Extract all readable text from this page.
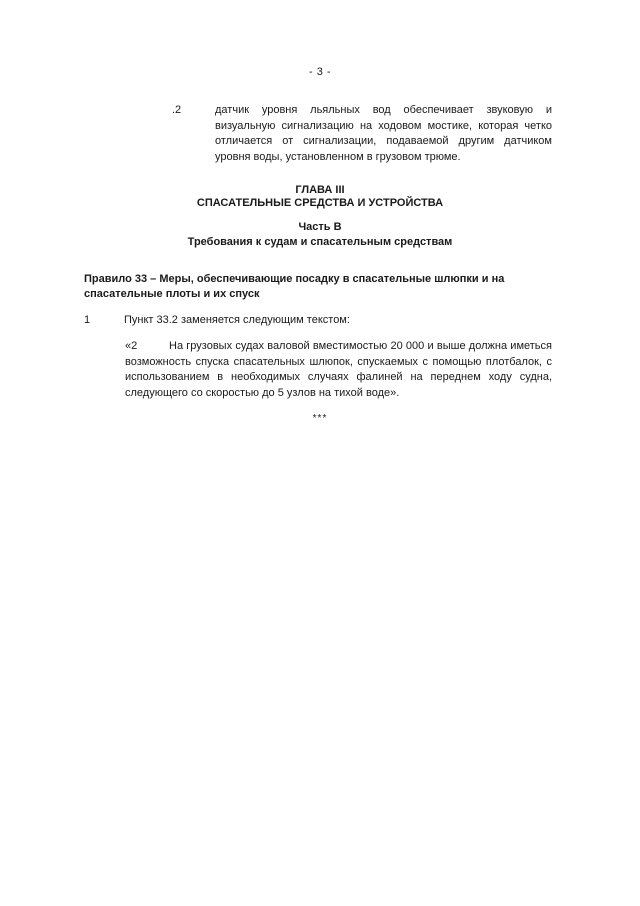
- 3 -
.2	датчик уровня льяльных вод обеспечивает звуковую и визуальную сигнализацию на ходовом мостике, которая четко отличается от сигнализации, подаваемой другим датчиком уровня воды, установленном в грузовом трюме.
ГЛАВА III
СПАСАТЕЛЬНЫЕ СРЕДСТВА И УСТРОЙСТВА
Часть B
Требования к судам и спасательным средствам
Правило 33 – Меры, обеспечивающие посадку в спасательные шлюпки и на спасательные плоты и их спуск
1	Пункт 33.2 заменяется следующим текстом:
«2	На грузовых судах валовой вместимостью 20 000 и выше должна иметься возможность спуска спасательных шлюпок, спускаемых с помощью плотбалок, с использованием в необходимых случаях фалиней на переднем ходу судна, следующего со скоростью до 5 узлов на тихой воде».
***
